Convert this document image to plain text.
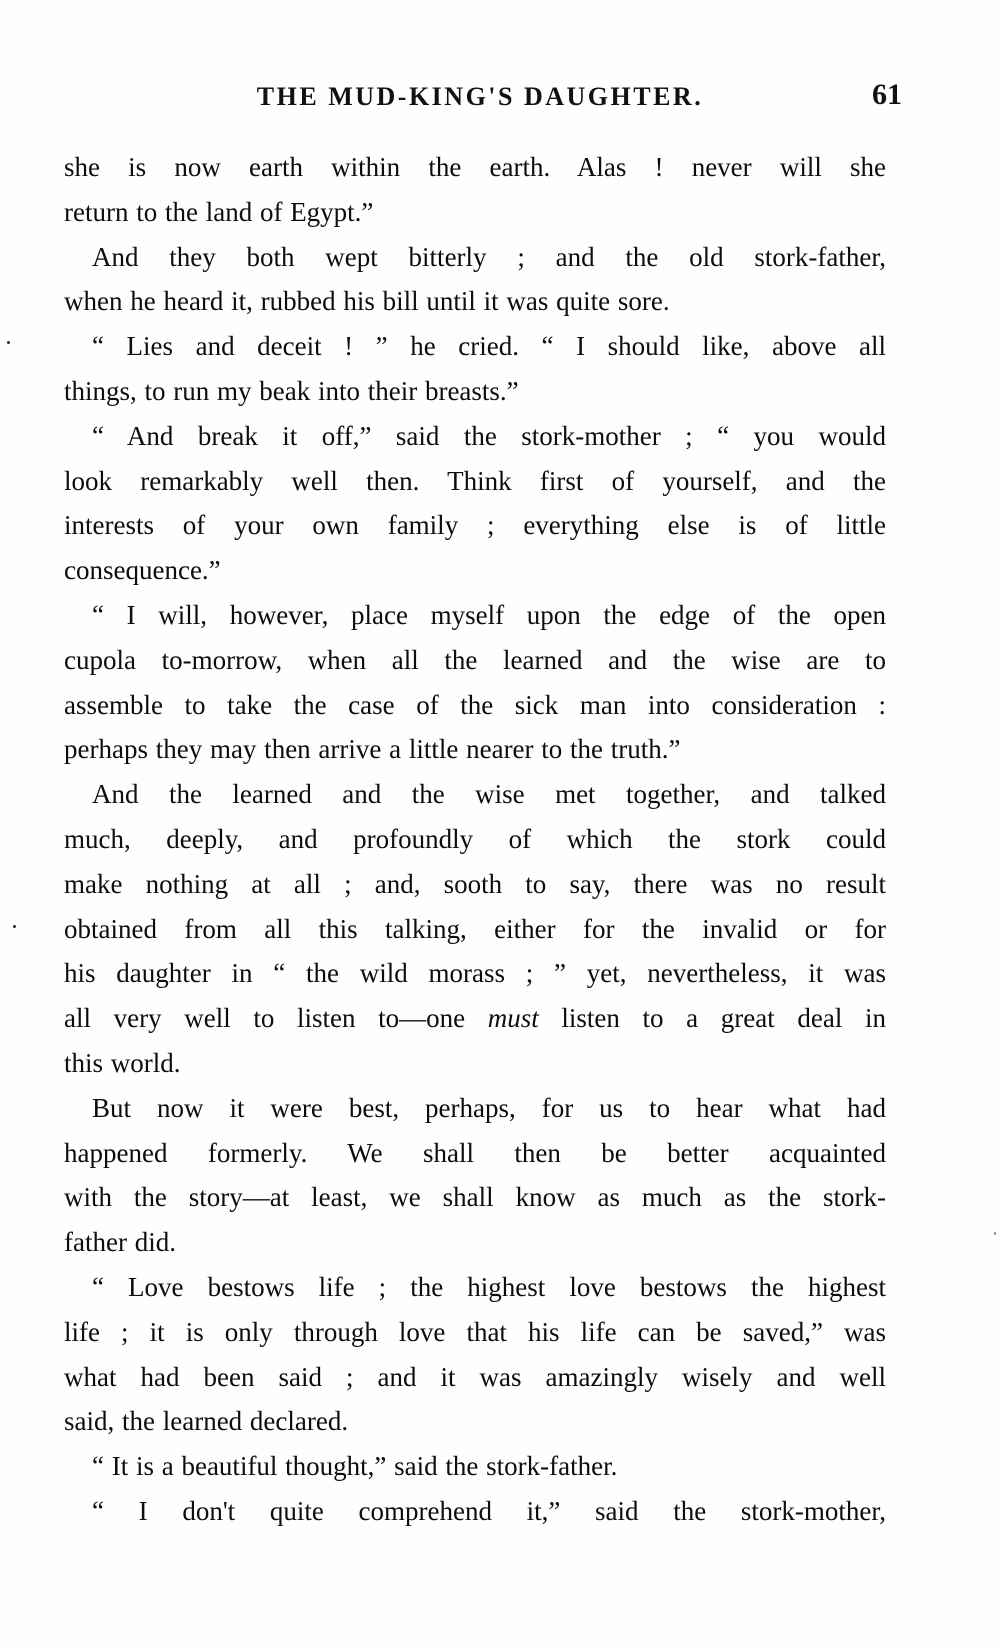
THE MUD-KING'S DAUGHTER.	61
she is now earth within the earth. Alas ! never will she
return to the land of Egypt.”
And they both wept bitterly ; and the old stork-father,
when he heard it, rubbed his bill until it was quite sore.
“ Lies and deceit ! ” he cried. “ I should like, above all
things, to run my beak into their breasts.”
“ And break it off,” said the stork-mother ; “ you would
look remarkably well then. Think first of yourself, and the
interests of your own family ; everything else is of little
consequence.”
“ I will, however, place myself upon the edge of the open
cupola to-morrow, when all the learned and the wise are to
assemble to take the case of the sick man into consideration :
perhaps they may then arrive a little nearer to the truth.”
And the learned and the wise met together, and talked
much, deeply, and profoundly of which the stork could
make nothing at all ; and, sooth to say, there was no result
obtained from all this talking, either for the invalid or for
his daughter in “ the wild morass ; ” yet, nevertheless, it was
all very well to listen to—one must listen to a great deal in
this world.
But now it were best, perhaps, for us to hear what had
happened formerly. We shall then be better acquainted
with the story—at least, we shall know as much as the stork-
father did.
“ Love bestows life ; the highest love bestows the highest
life ; it is only through love that his life can be saved,” was
what had been said ; and it was amazingly wisely and well
said, the learned declared.
“ It is a beautiful thought,” said the stork-father.
“ I don't quite comprehend it,” said the stork-mother,
